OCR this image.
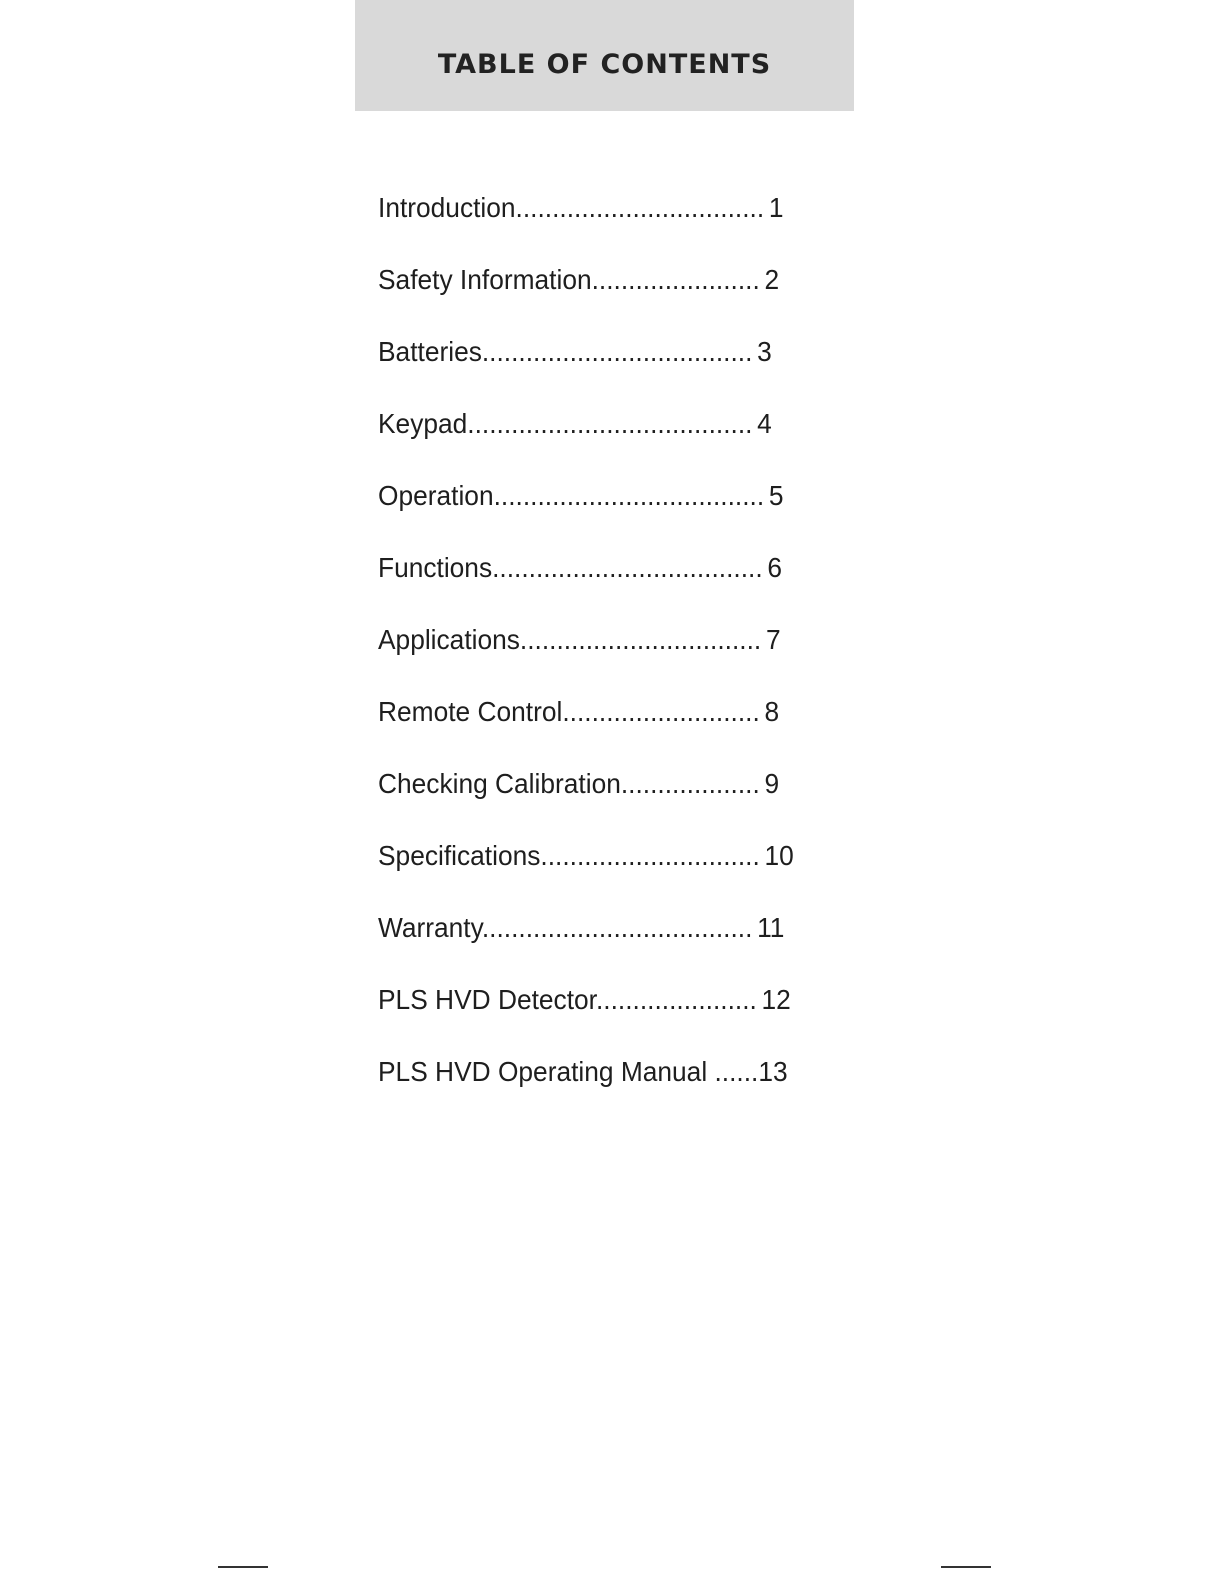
TABLE OF CONTENTS
Introduction.................................. 1
Safety Information....................... 2
Batteries..................................... 3
Keypad....................................... 4
Operation..................................... 5
Functions..................................... 6
Applications................................. 7
Remote Control........................... 8
Checking Calibration................... 9
Specifications.............................. 10
Warranty..................................... 11
PLS HVD Detector...................... 12
PLS HVD Operating Manual ......13
